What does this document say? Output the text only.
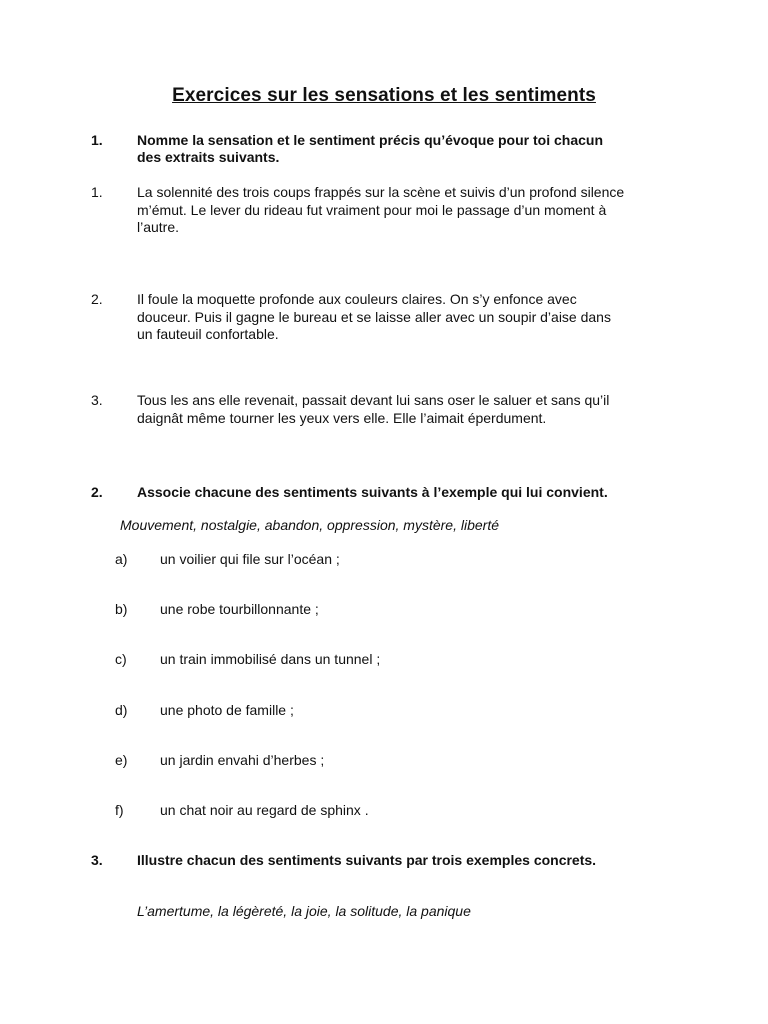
Exercices sur les sensations et les sentiments
1. Nomme la sensation et le sentiment précis qu’évoque pour toi chacun
des extraits suivants.
1. La solennité des trois coups frappés sur la scène et suivis d’un profond silence
m’émut. Le lever du rideau fut vraiment pour moi le passage d’un moment à
l’autre.
2. Il foule la moquette profonde aux couleurs claires. On s’y enfonce avec
douceur. Puis il gagne le bureau et se laisse aller avec un soupir d’aise dans
un fauteuil confortable.
3. Tous les ans elle revenait, passait devant lui sans oser le saluer et sans qu’il
daignât même tourner les yeux vers elle. Elle l’aimait éperdument.
2. Associe chacune des sentiments suivants à l’exemple qui lui convient.
Mouvement, nostalgie, abandon, oppression, mystère, liberté
a) un voilier qui file sur l’océan ;
b) une robe tourbillonnante ;
c) un train immobilisé dans un tunnel ;
d) une photo de famille ;
e) un jardin envahi d’herbes ;
f)	un chat noir au regard de sphinx .
3. Illustre chacun des sentiments suivants par trois exemples concrets.
L’amertume, la légèreté, la joie, la solitude, la panique
